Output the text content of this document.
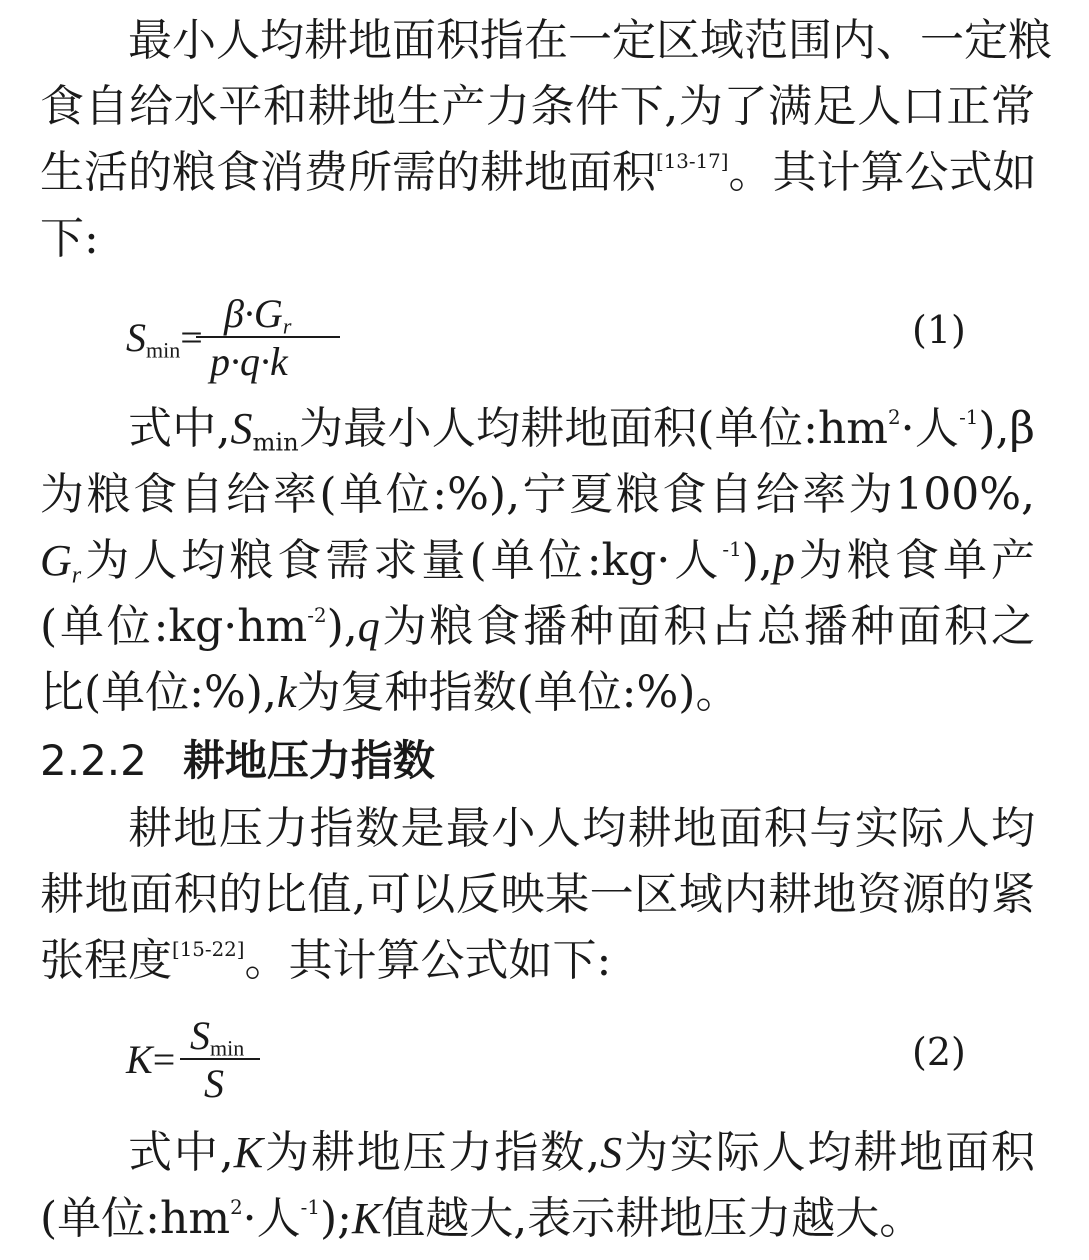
最小人均耕地面积指在一定区域范围内、一定粮
食自给水平和耕地生产力条件下,为了满足人口正常
生活的粮食消费所需的耕地面积[13-17]。其计算公式如
下:
$S_{min}=$
$\beta\cdot G_r$
p·q·k
(1)
式中$,S_{min}$为最小人均耕地面积(单位$:hm^2\cdot$人$^{-1}$),β
为粮食自给率(单位:%),宁夏粮食自给率为100%,
$G_r$为人均粮食需求量(单位:kg·人$^{-1}$),p为粮食单产
(单位$:kg\cdot hm^{-2}),q$为粮食播种面积占总播种面积之
比(单位:%),k为复种指数(单位:%)。
2.2.2 耕地压力指数
耕地压力指数是最小人均耕地面积与实际人均
耕地面积的比值,可以反映某一区域内耕地资源的紧
张程度[15-22]。其计算公式如下:
K=
$S_{min}$
S
(2)
式中,K为耕地压力指数,S为实际人均耕地面积
(单位$:hm^2\cdot$人$^{-1}$);K值越大,表示耕地压力越大。
